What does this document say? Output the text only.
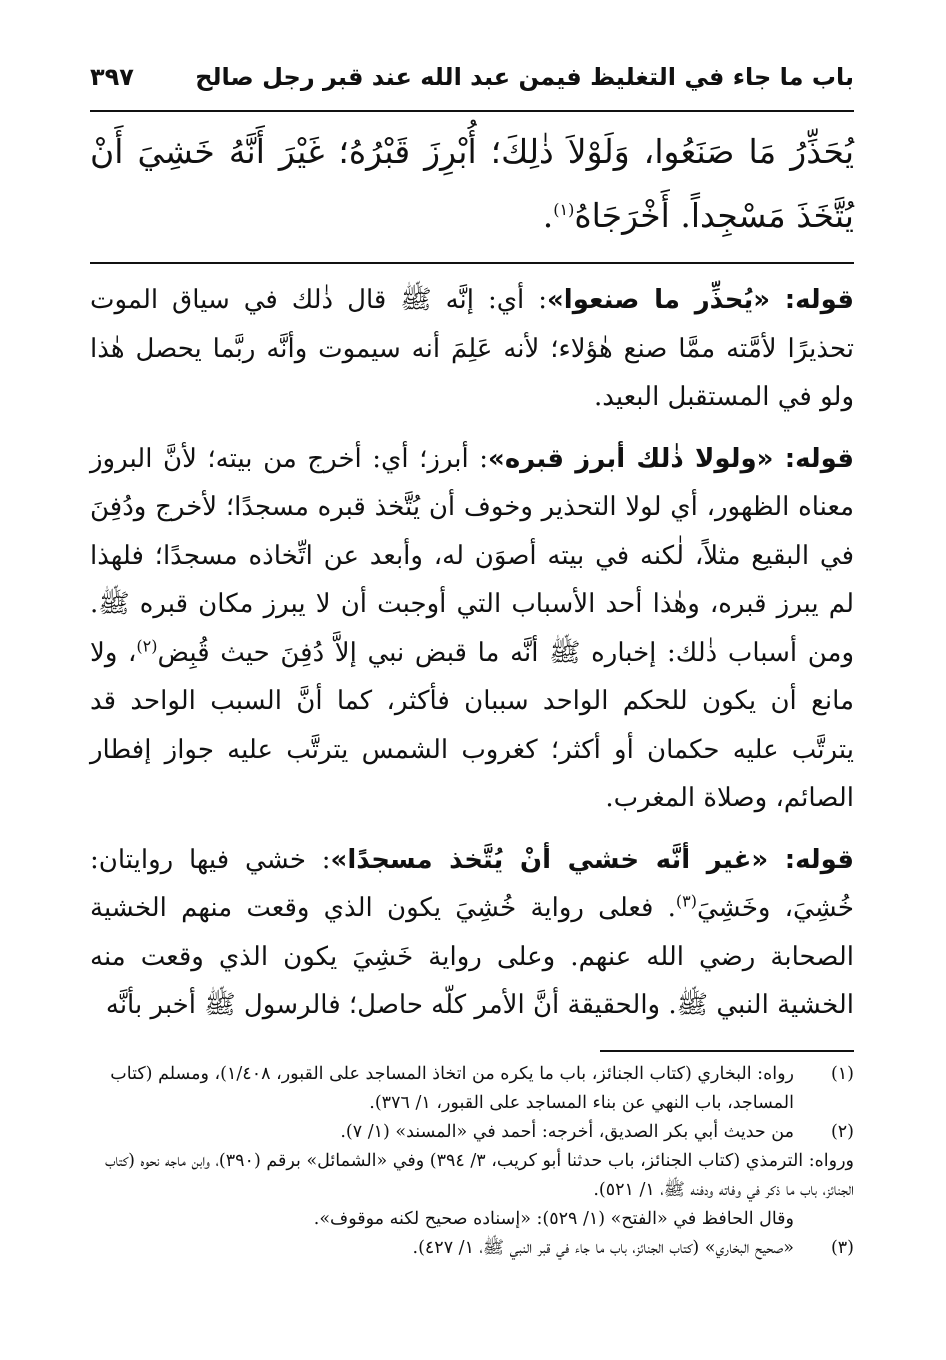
باب ما جاء في التغليظ فيمن عبد الله عند قبر رجل صالح
٣٩٧
يُحَذِّرُ مَا صَنَعُوا، وَلَوْلاَ ذٰلِكَ؛ أُبْرِزَ قَبْرُهُ؛ غَيْرَ أَنَّهُ خَشِيَ أَنْ يُتَّخَذَ مَسْجِداً. أَخْرَجَاهُ$^{(١)}$.

قوله: «يُحذِّر ما صنعوا»: أي: إنَّه ﷺ قال ذٰلك في سياق الموت تحذيرًا لأمَّته ممَّا صنع هٰؤلاء؛ لأنه عَلِمَ أنه سيموت وأنَّه ربَّما يحصل هٰذا ولو في المستقبل البعيد.

قوله: «ولولا ذٰلك أبرز قبره»: أبرز؛ أي: أخرج من بيته؛ لأنَّ البروز معناه الظهور، أي لولا التحذير وخوف أن يُتَّخذ قبره مسجدًا؛ لأخرج ودُفِنَ في البقيع مثلاً، لٰكنه في بيته أصوَن له، وأبعد عن اتِّخاذه مسجدًا؛ فلهذا لم يبرز قبره، وهٰذا أحد الأسباب التي أوجبت أن لا يبرز مكان قبره ﷺ. ومن أسباب ذٰلك: إخباره ﷺ أنَّه ما قبض نبي إلاَّ دُفِنَ حيث قُبِض$^{(٢)}$، ولا مانع أن يكون للحكم الواحد سببان فأكثر، كما أنَّ السبب الواحد قد يترتَّب عليه حكمان أو أكثر؛ كغروب الشمس يترتَّب عليه جواز إفطار الصائم، وصلاة المغرب.

قوله: «غير أنَّه خشي أنْ يُتَّخذ مسجدًا»: خشي فيها روايتان: خُشِيَ، وخَشِيَ$^{(٣)}$. فعلى رواية خُشِيَ يكون الذي وقعت منهم الخشية الصحابة رضي الله عنهم. وعلى رواية خَشِيَ يكون الذي وقعت منه الخشية النبي ﷺ. والحقيقة أنَّ الأمر كلّه حاصل؛ فالرسول ﷺ أخبر بأنَّه

(١)
رواه: البخاري (كتاب الجنائز، باب ما يكره من اتخاذ المساجد على القبور، ١/٤٠٨)، ومسلم (كتاب المساجد، باب النهي عن بناء المساجد على القبور، ١/ ٣٧٦).
(٢)
من حديث أبي بكر الصديق، أخرجه: أحمد في «المسند» (١/ ٧).
ورواه: الترمذي (كتاب الجنائز، باب حدثنا أبو كريب، ٣/ ٣٩٤) وفي «الشمائل» برقم (٣٩٠)، وابن ماجه نحوه (كتاب الجنائز، باب ما ذكر في وفاته ودفنه ﷺ، ١/ ٥٢١).
وقال الحافظ في «الفتح» (١/ ٥٢٩): «إسناده صحيح لكنه موقوف».
(٣)
«صحيح البخاري» (كتاب الجنائز، باب ما جاء في قبر النبي ﷺ، ١/ ٤٢٧).
